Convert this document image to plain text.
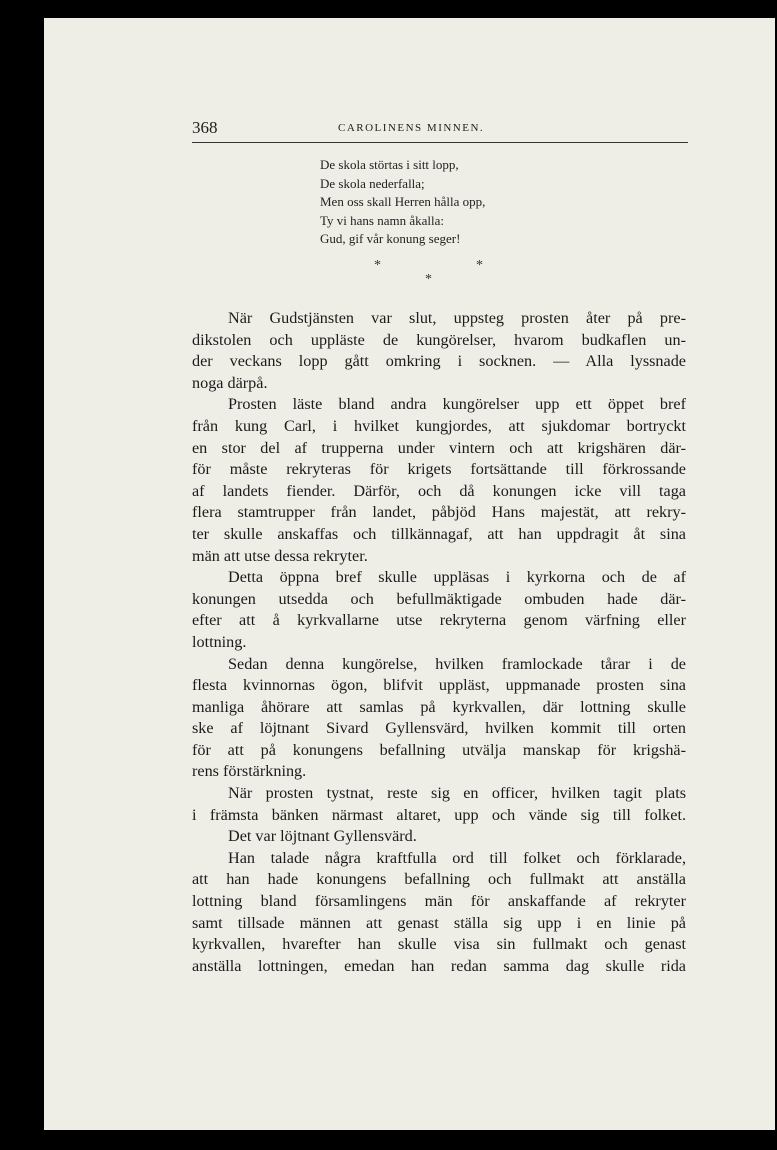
368	CAROLINENS MINNEN.
De skola störtas i sitt lopp,
De skola nederfalla;
Men oss skall Herren hålla opp,
Ty vi hans namn åkalla:
Gud, gif vår konung seger!
*	*
*
När Gudstjänsten var slut, uppsteg prosten åter på pre-
dikstolen och uppläste de kungörelser, hvarom budkaflen un-
der veckans lopp gått omkring i socknen. — Alla lyssnade
noga därpå.
Prosten läste bland andra kungörelser upp ett öppet bref
från kung Carl, i hvilket kungjordes, att sjukdomar bortryckt
en stor del af trupperna under vintern och att krigshären där-
för måste rekryteras för krigets fortsättande till förkrossande
af landets fiender. Därför, och då konungen icke vill taga
flera stamtrupper från landet, påbjöd Hans majestät, att rekry-
ter skulle anskaffas och tillkännagaf, att han uppdragit åt sina
män att utse dessa rekryter.
Detta öppna bref skulle uppläsas i kyrkorna och de af
konungen utsedda och befullmäktigade ombuden hade där-
efter att å kyrkvallarne utse rekryterna genom värfning eller
lottning.
Sedan denna kungörelse, hvilken framlockade tårar i de
flesta kvinnornas ögon, blifvit uppläst, uppmanade prosten sina
manliga åhörare att samlas på kyrkvallen, där lottning skulle
ske af löjtnant Sivard Gyllensvärd, hvilken kommit till orten
för att på konungens befallning utvälja manskap för krigshä-
rens förstärkning.
När prosten tystnat, reste sig en officer, hvilken tagit plats
i främsta bänken närmast altaret, upp och vände sig till folket.
Det var löjtnant Gyllensvärd.
Han talade några kraftfulla ord till folket och förklarade,
att han hade konungens befallning och fullmakt att anställa
lottning bland församlingens män för anskaffande af rekryter
samt tillsade männen att genast ställa sig upp i en linie på
kyrkvallen, hvarefter han skulle visa sin fullmakt och genast
anställa lottningen, emedan han redan samma dag skulle rida
